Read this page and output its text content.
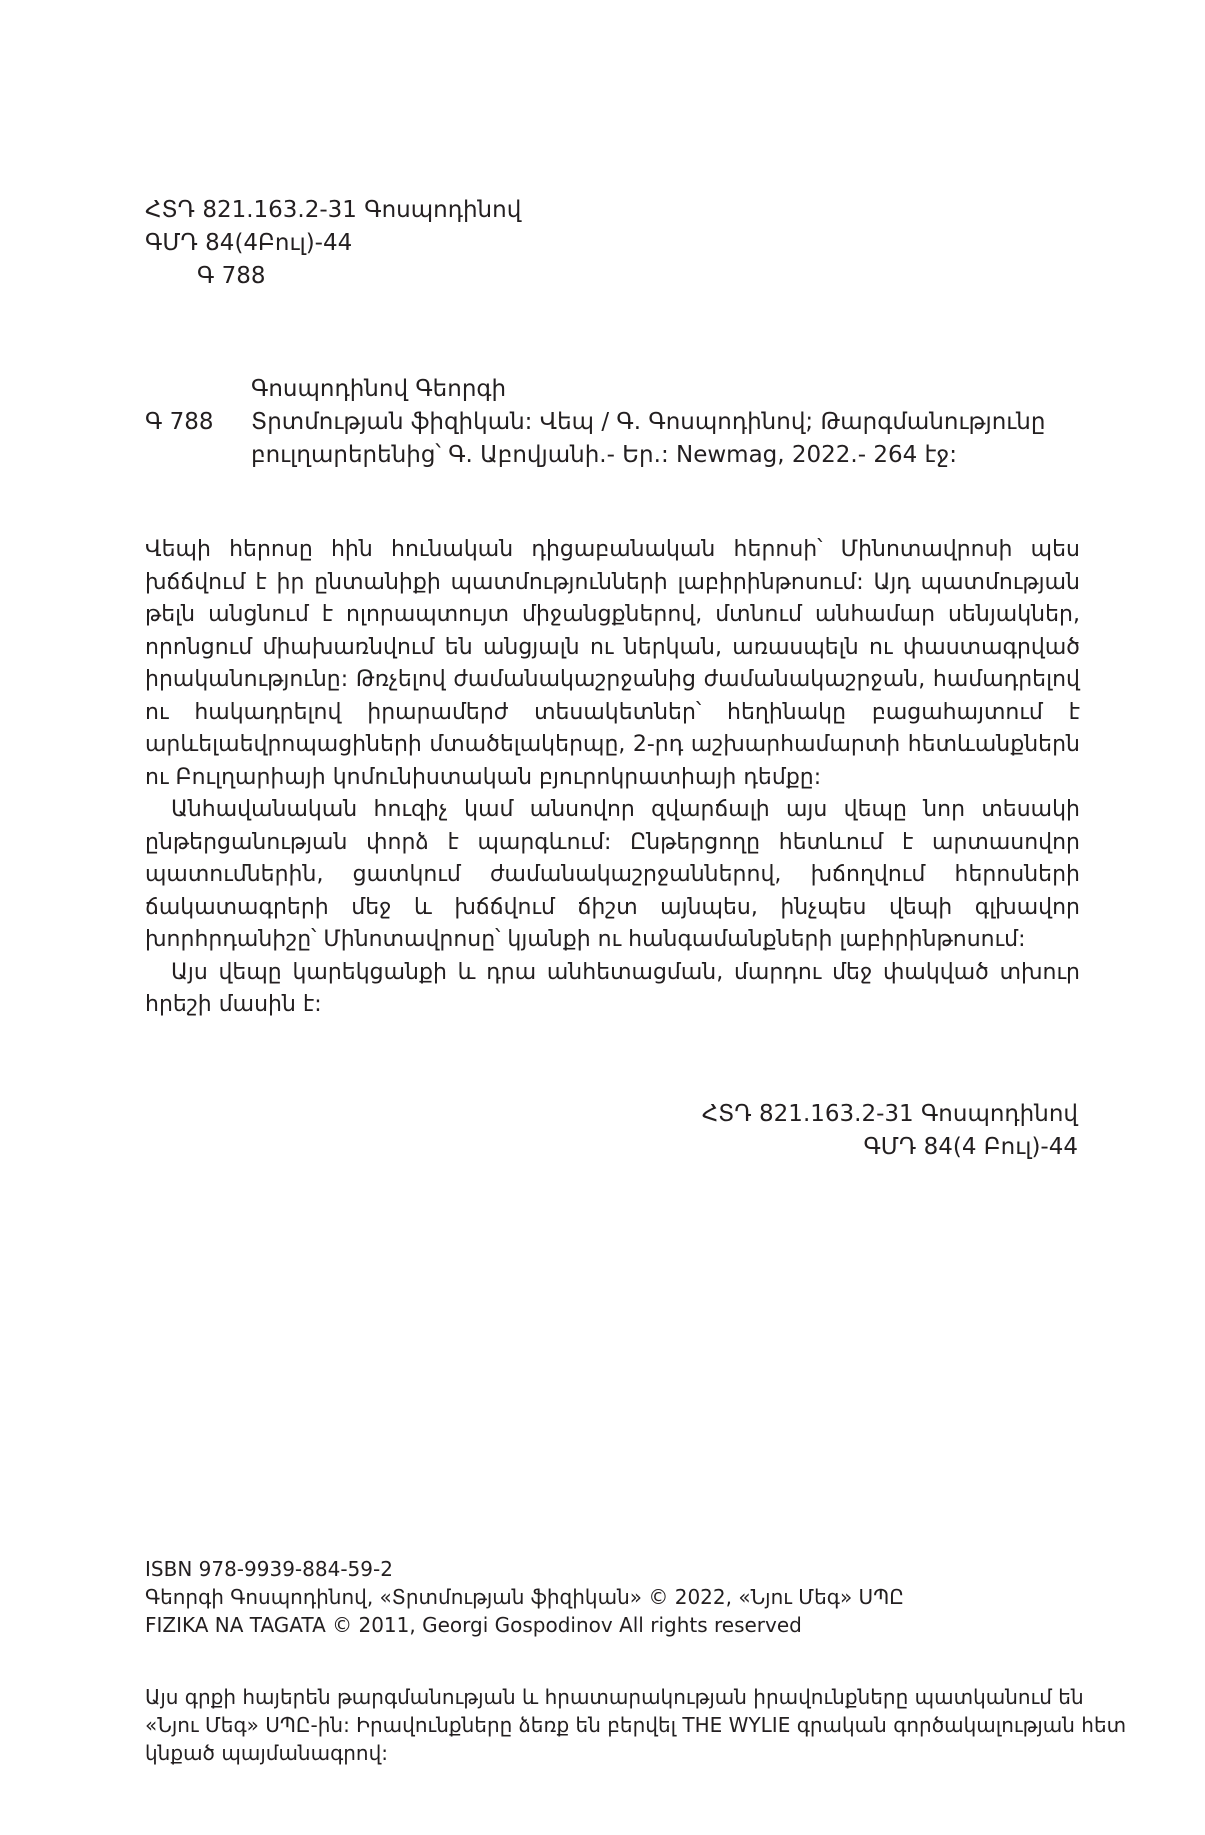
ՀՏԴ 821.163.2-31 Գոսպոդինով
ԳՄԴ 84(4Բուլ)-44
Գ 788
Գոսպոդինով Գեորգի
Գ 788	Տրտմության ֆիզիկան: Վեպ / Գ. Գոսպոդինով; Թարգմանությունը
բուլղարերենից՝ Գ. Աբովյանի.- Եր.: Newmag, 2022.- 264 էջ:

Վեպի հերոսը հին հունական դիցաբանական հերոսի՝ Մինոտավրոսի պես խճճվում է իր ընտանիքի պատմությունների լաբիրինթոսում: Այդ պատմության թելն անցնում է ոլորապտույտ միջանցքներով, մտնում անհամար սենյակներ, որոնցում միախառնվում են անցյալն ու ներկան, առասպելն ու փաստագրված իրականությունը: Թռչելով ժամանակաշրջանից ժամանակաշրջան, համադրելով ու հակադրելով իրարամերժ տեսակետներ՝ հեղինակը բացահայտում է արևելաեվրոպացիների մտածելակերպը, 2-րդ աշխարհամարտի հետևանքներն ու Բուլղարիայի կոմունիստական բյուրոկրատիայի դեմքը:

Անհավանական հուզիչ կամ անսովոր զվարճալի այս վեպը նոր տեսակի ընթերցանության փորձ է պարգևում: Ընթերցողը հետևում է արտասովոր պատումներին, ցատկում ժամանակաշրջաններով, խճողվում հերոսների ճակատագրերի մեջ և խճճվում ճիշտ այնպես, ինչպես վեպի գլխավոր խորհրդանիշը՝ Մինոտավրոսը՝ կյանքի ու հանգամանքների լաբիրինթոսում:

Այս վեպը կարեկցանքի և դրա անհետացման, մարդու մեջ փակված տխուր հրեշի մասին է:

ՀՏԴ 821.163.2-31 Գոսպոդինով
ԳՄԴ 84(4 Բուլ)-44
ISBN 978-9939-884-59-2
Գեորգի Գոսպոդինով, «Տրտմության ֆիզիկան» © 2022, «Նյու Մեգ» ՍՊԸ
FIZIKA NA TAGATA © 2011, Georgi Gospodinov All rights reserved
Այս գրքի հայերեն թարգմանության և հրատարակության իրավունքները պատկանում են
«Նյու Մեգ» ՍՊԸ-ին: Իրավունքները ձեռք են բերվել THE WYLIE գրական գործակալության հետ
կնքած պայմանագրով:
